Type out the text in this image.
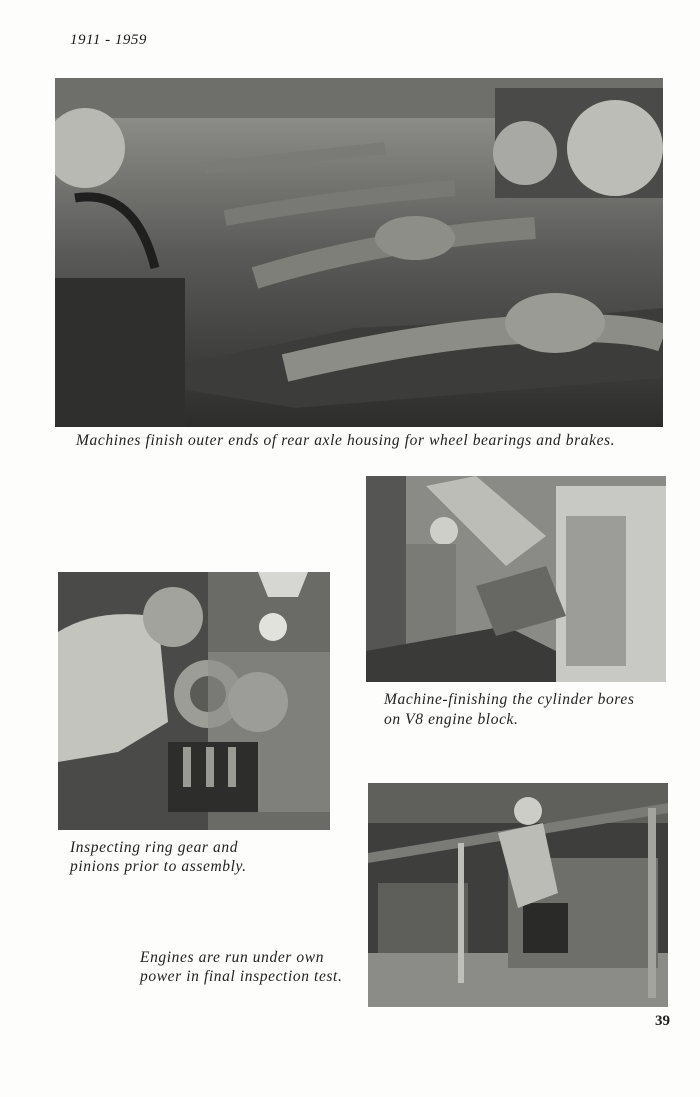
1911 - 1959
Machines finish outer ends of rear axle housing for wheel bearings and brakes.
Machine-finishing the cylinder bores
on V8 engine block.
Inspecting ring gear and
pinions prior to assembly.
Engines are run under own
power in final inspection test.
39
